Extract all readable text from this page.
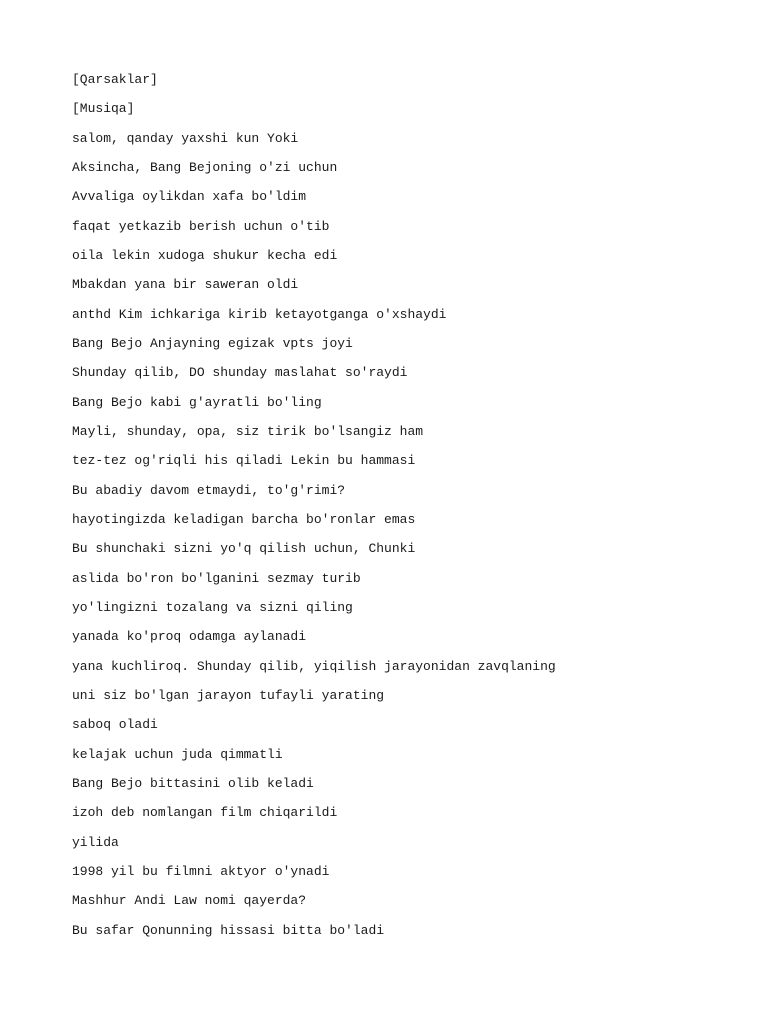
[Qarsaklar]
[Musiqa]
salom, qanday yaxshi kun Yoki
Aksincha, Bang Bejoning o'zi uchun
Avvaliga oylikdan xafa bo'ldim
faqat yetkazib berish uchun o'tib
oila lekin xudoga shukur kecha edi
Mbakdan yana bir saweran oldi
anthd Kim ichkariga kirib ketayotganga o'xshaydi
Bang Bejo Anjayning egizak vpts joyi
Shunday qilib, DO shunday maslahat so'raydi
Bang Bejo kabi g'ayratli bo'ling
Mayli, shunday, opa, siz tirik bo'lsangiz ham
tez-tez og'riqli his qiladi Lekin bu hammasi
Bu abadiy davom etmaydi, to'g'rimi?
hayotingizda keladigan barcha bo'ronlar emas
Bu shunchaki sizni yo'q qilish uchun, Chunki
aslida bo'ron bo'lganini sezmay turib
yo'lingizni tozalang va sizni qiling
yanada ko'proq odamga aylanadi
yana kuchliroq. Shunday qilib, yiqilish jarayonidan zavqlaning
uni siz bo'lgan jarayon tufayli yarating
saboq oladi
kelajak uchun juda qimmatli
Bang Bejo bittasini olib keladi
izoh deb nomlangan film chiqarildi
yilida
1998 yil bu filmni aktyor o'ynadi
Mashhur Andi Law nomi qayerda?
Bu safar Qonunning hissasi bitta bo'ladi
